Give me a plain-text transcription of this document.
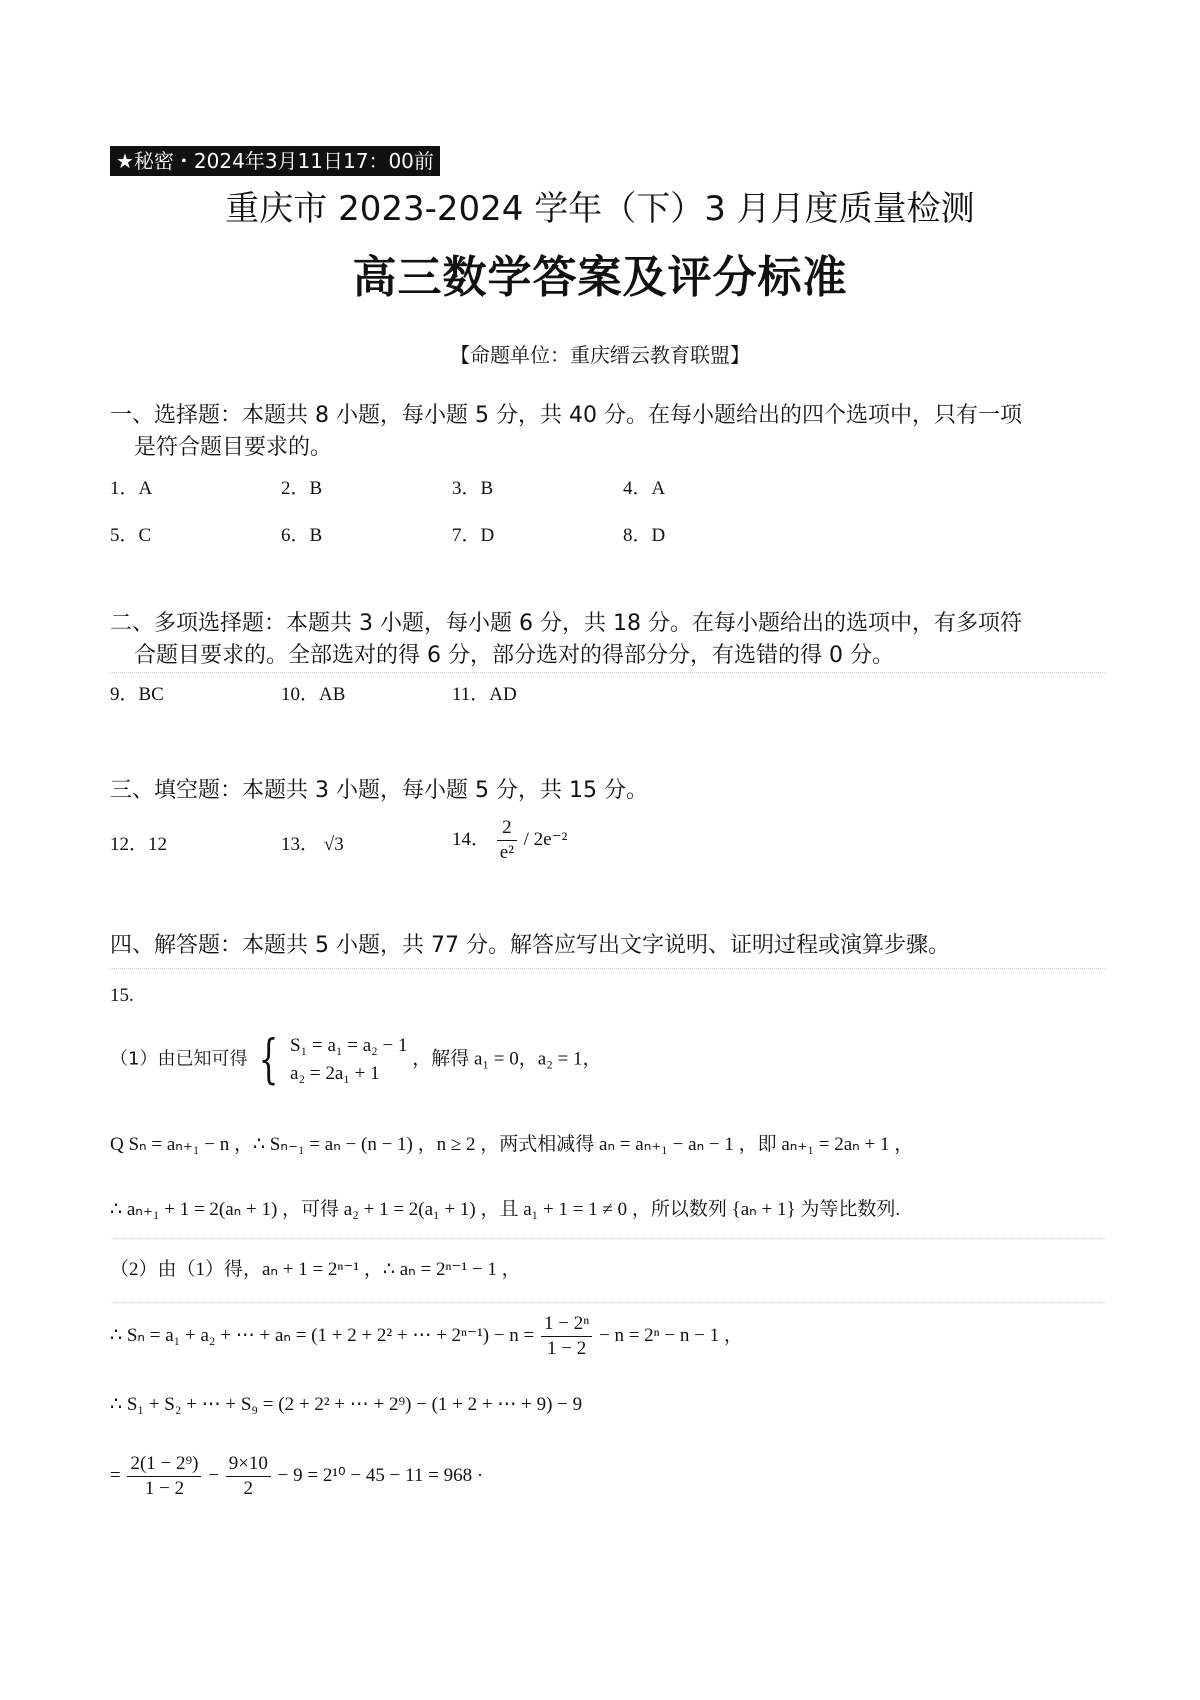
★秘密・2024年3月11日17：00前
重庆市 2023-2024 学年（下）3 月月度质量检测
高三数学答案及评分标准
【命题单位：重庆缙云教育联盟】
一、选择题：本题共 8 小题，每小题 5 分，共 40 分。在每小题给出的四个选项中，只有一项
是符合题目要求的。
1．A	2．B	3．B	4．A
5．C	6．B	7．D	8．D
二、多项选择题：本题共 3 小题，每小题 6 分，共 18 分。在每小题给出的选项中，有多项符
合题目要求的。全部选对的得 6 分，部分选对的得部分分，有选错的得 0 分。
9．BC	10．AB	11．AD
三、填空题：本题共 3 小题，每小题 5 分，共 15 分。
12．12	13． √3	14． $\frac{2}{\text{e²}} / 2e^{-2}$
四、解答题：本题共 5 小题，共 77 分。解答应写出文字说明、证明过程或演算步骤。
15.
（1）由已知可得 { S₁ = a₁ = a₂ − 1
a₂ = 2a₁ + 1
，解得 a₁ = 0，a₂ = 1，
Q Sₙ = aₙ₊₁ − n ，∴ Sₙ₋₁ = aₙ − (n − 1) ，n ≥ 2 ，两式相减得 aₙ = aₙ₊₁ − aₙ − 1 ，即 aₙ₊₁ = 2aₙ + 1 ，
∴ aₙ₊₁ + 1 = 2(aₙ + 1) ，可得 a₂ + 1 = 2(a₁ + 1) ，且 a₁ + 1 = 1 ≠ 0 ，所以数列 {aₙ + 1} 为等比数列.
（2）由（1）得，aₙ + 1 = 2ⁿ⁻¹ ，∴ aₙ = 2ⁿ⁻¹ − 1 ，
∴ Sₙ = a₁ + a₂ + ⋯ + aₙ = (1 + 2 + 2² + ⋯ + $2^{n-1}) - n = \frac{\text{1 − 2ⁿ}}{1 - 2} - n = 2^n - n - 1$ ，
∴ S₁ + S₂ + ⋯ + S₉ = (2 + 2² + ⋯ + 2⁹) − (1 + 2 + ⋯ + 9) − 9
= $\frac{\text{2(1 − 2⁹)}}{1 - 2} - \frac{9\times 10}{2} - 9 = 2^{10} - 45 - 11 = 968$ ·
